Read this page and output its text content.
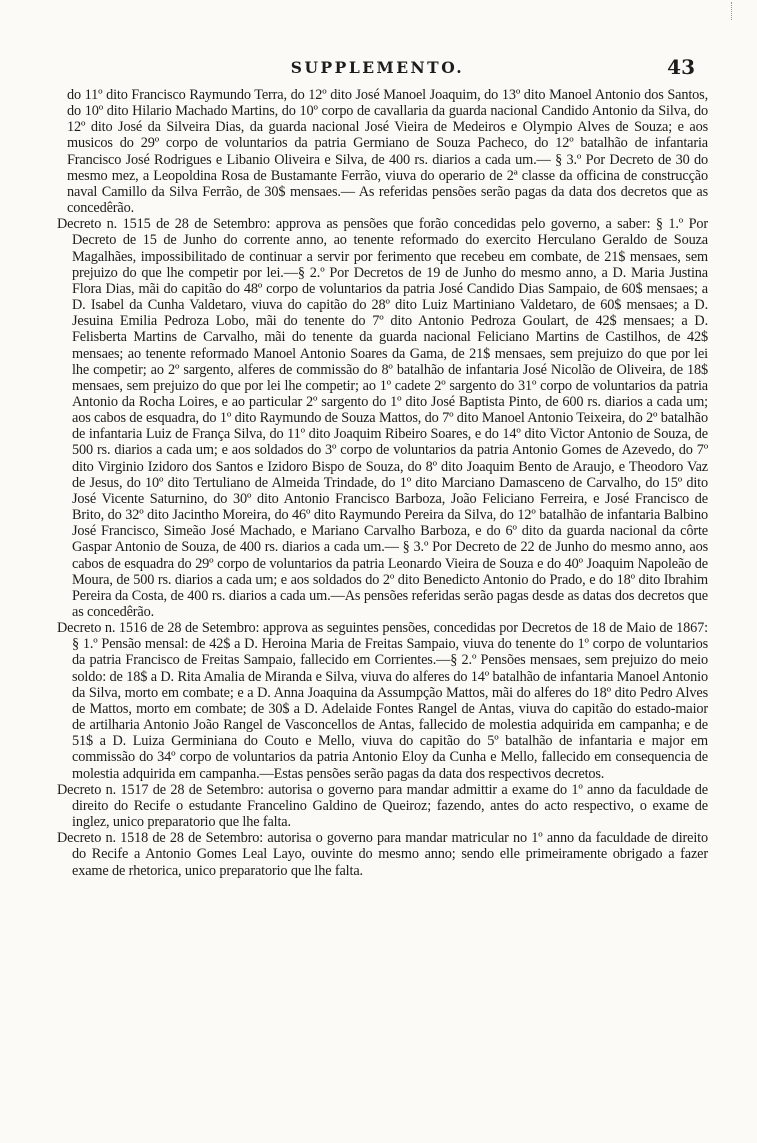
SUPPLEMENTO.	43

do 11º dito Francisco Raymundo Terra, do 12º dito José Manoel Joaquim, do 13º dito Manoel Antonio dos Santos, do 10º dito Hilario Machado Martins, do 10º corpo de cavallaria da guarda nacional Candido Antonio da Silva, do 12º dito José da Silveira Dias, da guarda nacional José Vieira de Medeiros e Olympio Alves de Souza; e aos musicos do 29º corpo de voluntarios da patria Germiano de Souza Pacheco, do 12º batalhão de infantaria Francisco José Rodrigues e Libanio Oliveira e Silva, de 400 rs. diarios a cada um.— § 3.º Por Decreto de 30 do mesmo mez, a Leopoldina Rosa de Bustamante Ferrão, viuva do operario de 2ª classe da officina de construcção naval Camillo da Silva Ferrão, de 30$ mensaes.— As referidas pensões serão pagas da data dos decretos que as concedêrão.

Decreto n. 1515 de 28 de Setembro: approva as pensões que forão concedidas pelo governo, a saber: § 1.º Por Decreto de 15 de Junho do corrente anno, ao tenente reformado do exercito Herculano Geraldo de Souza Magalhães, impossibilitado de continuar a servir por ferimento que recebeu em combate, de 21$ mensaes, sem prejuizo do que lhe competir por lei.—§ 2.º Por Decretos de 19 de Junho do mesmo anno, a D. Maria Justina Flora Dias, mãi do capitão do 48º corpo de voluntarios da patria José Candido Dias Sampaio, de 60$ mensaes; a D. Isabel da Cunha Valdetaro, viuva do capitão do 28º dito Luiz Martiniano Valdetaro, de 60$ mensaes; a D. Jesuina Emilia Pedroza Lobo, mãi do tenente do 7º dito Antonio Pedroza Goulart, de 42$ mensaes; a D. Felisberta Martins de Carvalho, mãi do tenente da guarda nacional Feliciano Martins de Castilhos, de 42$ mensaes; ao tenente reformado Manoel Antonio Soares da Gama, de 21$ mensaes, sem prejuizo do que por lei lhe competir; ao 2º sargento, alferes de commissão do 8º batalhão de infantaria José Nicolão de Oliveira, de 18$ mensaes, sem prejuizo do que por lei lhe competir; ao 1º cadete 2º sargento do 31º corpo de voluntarios da patria Antonio da Rocha Loires, e ao particular 2º sargento do 1º dito José Baptista Pinto, de 600 rs. diarios a cada um; aos cabos de esquadra, do 1º dito Raymundo de Souza Mattos, do 7º dito Manoel Antonio Teixeira, do 2º batalhão de infantaria Luiz de França Silva, do 11º dito Joaquim Ribeiro Soares, e do 14º dito Victor Antonio de Souza, de 500 rs. diarios a cada um; e aos soldados do 3º corpo de voluntarios da patria Antonio Gomes de Azevedo, do 7º dito Virginio Izidoro dos Santos e Izidoro Bispo de Souza, do 8º dito Joaquim Bento de Araujo, e Theodoro Vaz de Jesus, do 10º dito Tertuliano de Almeida Trindade, do 1º dito Marciano Damasceno de Carvalho, do 15º dito José Vicente Saturnino, do 30º dito Antonio Francisco Barboza, João Feliciano Ferreira, e José Francisco de Brito, do 32º dito Jacintho Moreira, do 46º dito Raymundo Pereira da Silva, do 12º batalhão de infantaria Balbino José Francisco, Simeão José Machado, e Mariano Carvalho Barboza, e do 6º dito da guarda nacional da côrte Gaspar Antonio de Souza, de 400 rs. diarios a cada um.— § 3.º Por Decreto de 22 de Junho do mesmo anno, aos cabos de esquadra do 29º corpo de voluntarios da patria Leonardo Vieira de Souza e do 40º Joaquim Napoleão de Moura, de 500 rs. diarios a cada um; e aos soldados do 2º dito Benedicto Antonio do Prado, e do 18º dito Ibrahim Pereira da Costa, de 400 rs. diarios a cada um.—As pensões referidas serão pagas desde as datas dos decretos que as concedêrão.

Decreto n. 1516 de 28 de Setembro: approva as seguintes pensões, concedidas por Decretos de 18 de Maio de 1867: § 1.º Pensão mensal: de 42$ a D. Heroina Maria de Freitas Sampaio, viuva do tenente do 1º corpo de voluntarios da patria Francisco de Freitas Sampaio, fallecido em Corrientes.—§ 2.º Pensões mensaes, sem prejuizo do meio soldo: de 18$ a D. Rita Amalia de Miranda e Silva, viuva do alferes do 14º batalhão de infantaria Manoel Antonio da Silva, morto em combate; e a D. Anna Joaquina da Assumpção Mattos, mãi do alferes do 18º dito Pedro Alves de Mattos, morto em combate; de 30$ a D. Adelaide Fontes Rangel de Antas, viuva do capitão do estado-maior de artilharia Antonio João Rangel de Vasconcellos de Antas, fallecido de molestia adquirida em campanha; e de 51$ a D. Luiza Germiniana do Couto e Mello, viuva do capitão do 5º batalhão de infantaria e major em commissão do 34º corpo de voluntarios da patria Antonio Eloy da Cunha e Mello, fallecido em consequencia de molestia adquirida em campanha.—Estas pensões serão pagas da data dos respectivos decretos.

Decreto n. 1517 de 28 de Setembro: autorisa o governo para mandar admittir a exame do 1º anno da faculdade de direito do Recife o estudante Francelino Galdino de Queiroz; fazendo, antes do acto respectivo, o exame de inglez, unico preparatorio que lhe falta.

Decreto n. 1518 de 28 de Setembro: autorisa o governo para mandar matricular no 1º anno da faculdade de direito do Recife a Antonio Gomes Leal Layo, ouvinte do mesmo anno; sendo elle primeiramente obrigado a fazer exame de rhetorica, unico preparatorio que lhe falta.
